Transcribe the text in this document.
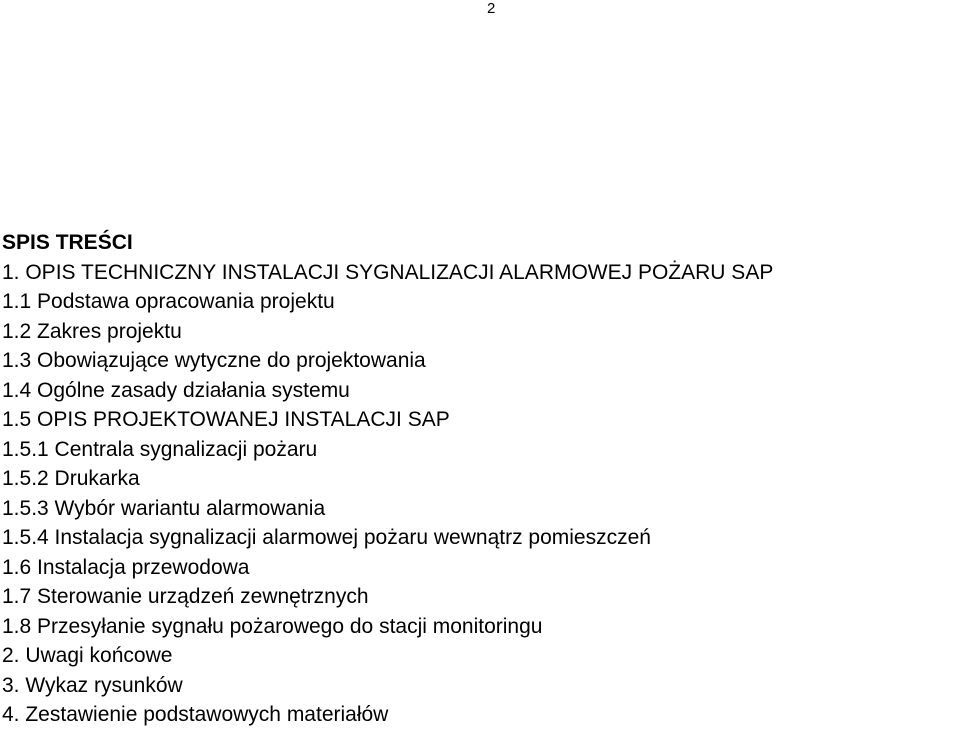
2
SPIS TREŚCI
1. OPIS TECHNICZNY INSTALACJI SYGNALIZACJI ALARMOWEJ POŻARU SAP
1.1 Podstawa opracowania projektu
1.2 Zakres projektu
1.3 Obowiązujące wytyczne do projektowania
1.4 Ogólne zasady działania systemu
1.5 OPIS PROJEKTOWANEJ INSTALACJI SAP
1.5.1 Centrala sygnalizacji pożaru
1.5.2 Drukarka
1.5.3 Wybór wariantu alarmowania
1.5.4 Instalacja sygnalizacji alarmowej pożaru wewnątrz pomieszczeń
1.6 Instalacja przewodowa
1.7 Sterowanie urządzeń zewnętrznych
1.8 Przesyłanie sygnału pożarowego do stacji monitoringu
2. Uwagi końcowe
3. Wykaz rysunków
4. Zestawienie podstawowych materiałów
